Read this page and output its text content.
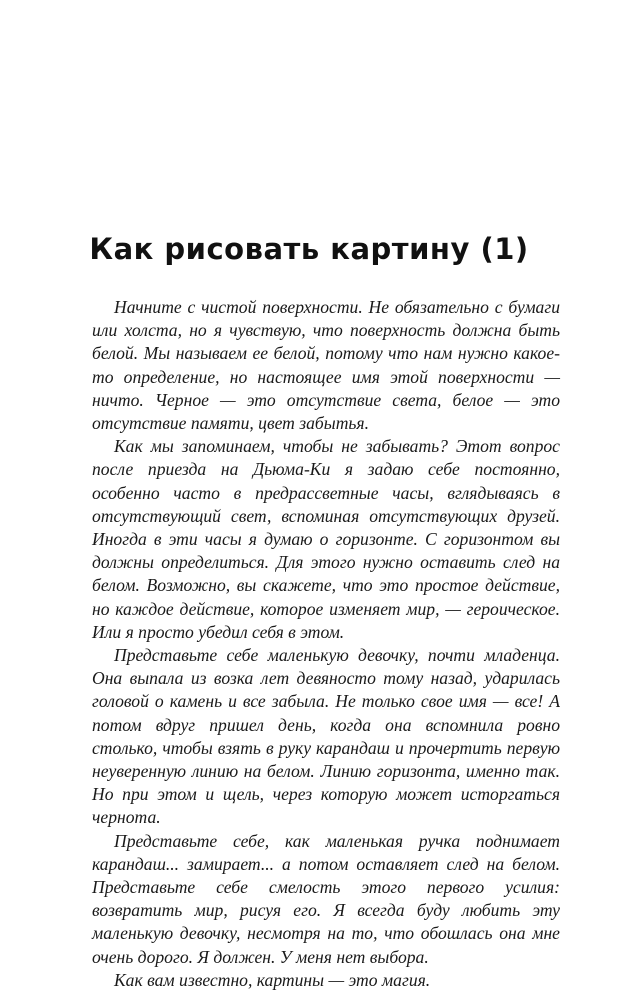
Как рисовать картину (1)

Начните с чистой поверхности. Не обязательно с бумаги или холста, но я чувствую, что поверхность должна быть белой. Мы называем ее белой, потому что нам нужно какое-то определение, но настоящее имя этой поверхности — ничто. Черное — это отсутствие света, белое — это отсутствие памяти, цвет забытья.

Как мы запоминаем, чтобы не забывать? Этот вопрос после приезда на Дьюма-Ки я задаю себе постоянно, особенно часто в предрассветные часы, вглядываясь в отсутствующий свет, вспоминая отсутствующих друзей. Иногда в эти часы я думаю о горизонте. С горизонтом вы должны определиться. Для этого нужно оставить след на белом. Возможно, вы скажете, что это простое действие, но каждое действие, которое изменяет мир, — героическое. Или я просто убедил себя в этом.

Представьте себе маленькую девочку, почти младенца. Она выпала из возка лет девяносто тому назад, ударилась головой о камень и все забыла. Не только свое имя — все! А потом вдруг пришел день, когда она вспомнила ровно столько, чтобы взять в руку карандаш и прочертить первую неуверенную линию на белом. Линию горизонта, именно так. Но при этом и щель, через которую может исторгаться чернота.

Представьте себе, как маленькая ручка поднимает карандаш... замирает... а потом оставляет след на белом. Представьте себе смелость этого первого усилия: возвратить мир, рисуя его. Я всегда буду любить эту маленькую девочку, несмотря на то, что обошлась она мне очень дорого. Я должен. У меня нет выбора.

Как вам известно, картины — это магия.
